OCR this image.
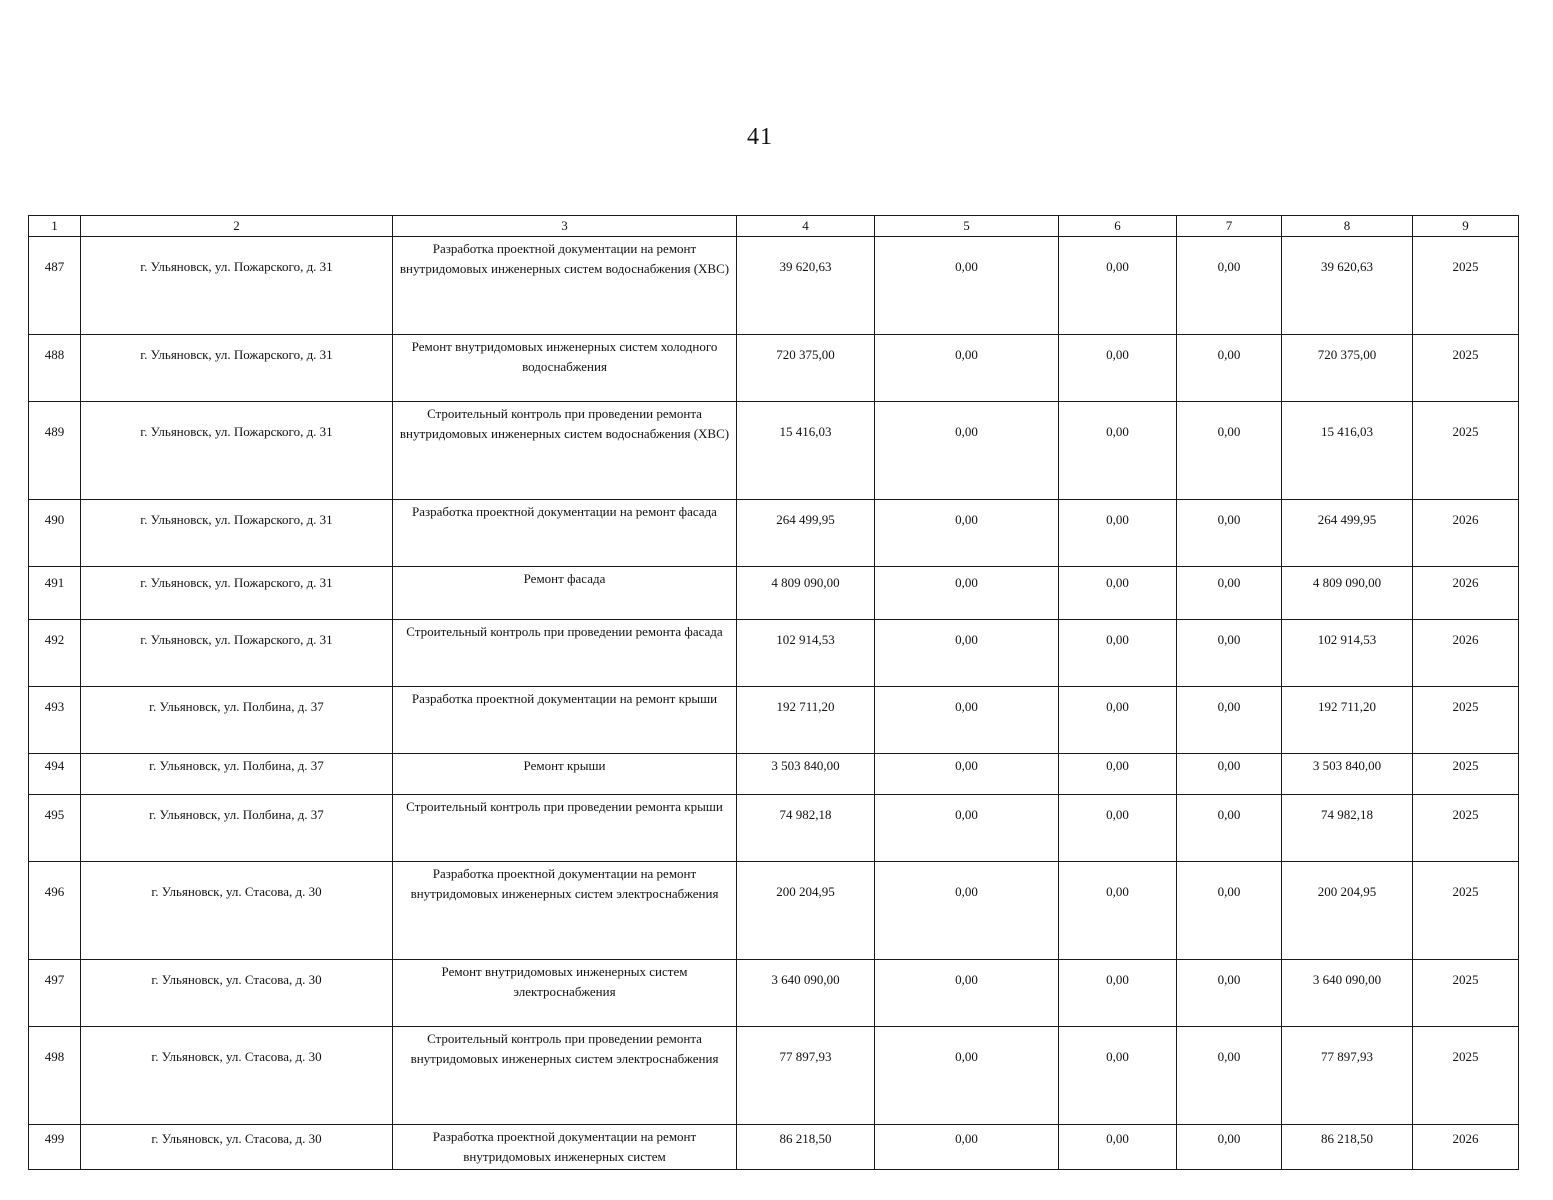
41
1	2	3	4	5	6	7	8	9
487	г. Ульяновск, ул. Пожарского, д. 31	Разработка проектной документации на ремонт внутридомовых инженерных систем водоснабжения (ХВС)	39 620,63	0,00	0,00	0,00	39 620,63	2025
488	г. Ульяновск, ул. Пожарского, д. 31	Ремонт внутридомовых инженерных систем холодного водоснабжения	720 375,00	0,00	0,00	0,00	720 375,00	2025
489	г. Ульяновск, ул. Пожарского, д. 31	Строительный контроль при проведении ремонта внутридомовых инженерных систем водоснабжения (ХВС)	15 416,03	0,00	0,00	0,00	15 416,03	2025
490	г. Ульяновск, ул. Пожарского, д. 31	Разработка проектной документации на ремонт фасада	264 499,95	0,00	0,00	0,00	264 499,95	2026
491	г. Ульяновск, ул. Пожарского, д. 31	Ремонт фасада	4 809 090,00	0,00	0,00	0,00	4 809 090,00	2026
492	г. Ульяновск, ул. Пожарского, д. 31	Строительный контроль при проведении ремонта фасада	102 914,53	0,00	0,00	0,00	102 914,53	2026
493	г. Ульяновск, ул. Полбина, д. 37	Разработка проектной документации на ремонт крыши	192 711,20	0,00	0,00	0,00	192 711,20	2025
494	г. Ульяновск, ул. Полбина, д. 37	Ремонт крыши	3 503 840,00	0,00	0,00	0,00	3 503 840,00	2025
495	г. Ульяновск, ул. Полбина, д. 37	Строительный контроль при проведении ремонта крыши	74 982,18	0,00	0,00	0,00	74 982,18	2025
496	г. Ульяновск, ул. Стасова, д. 30	Разработка проектной документации на ремонт внутридомовых инженерных систем электроснабжения	200 204,95	0,00	0,00	0,00	200 204,95	2025
497	г. Ульяновск, ул. Стасова, д. 30	Ремонт внутридомовых инженерных систем электроснабжения	3 640 090,00	0,00	0,00	0,00	3 640 090,00	2025
498	г. Ульяновск, ул. Стасова, д. 30	Строительный контроль при проведении ремонта внутридомовых инженерных систем электроснабжения	77 897,93	0,00	0,00	0,00	77 897,93	2025
499	г. Ульяновск, ул. Стасова, д. 30	Разработка проектной документации на ремонт внутридомовых инженерных систем	86 218,50	0,00	0,00	0,00	86 218,50	2026
